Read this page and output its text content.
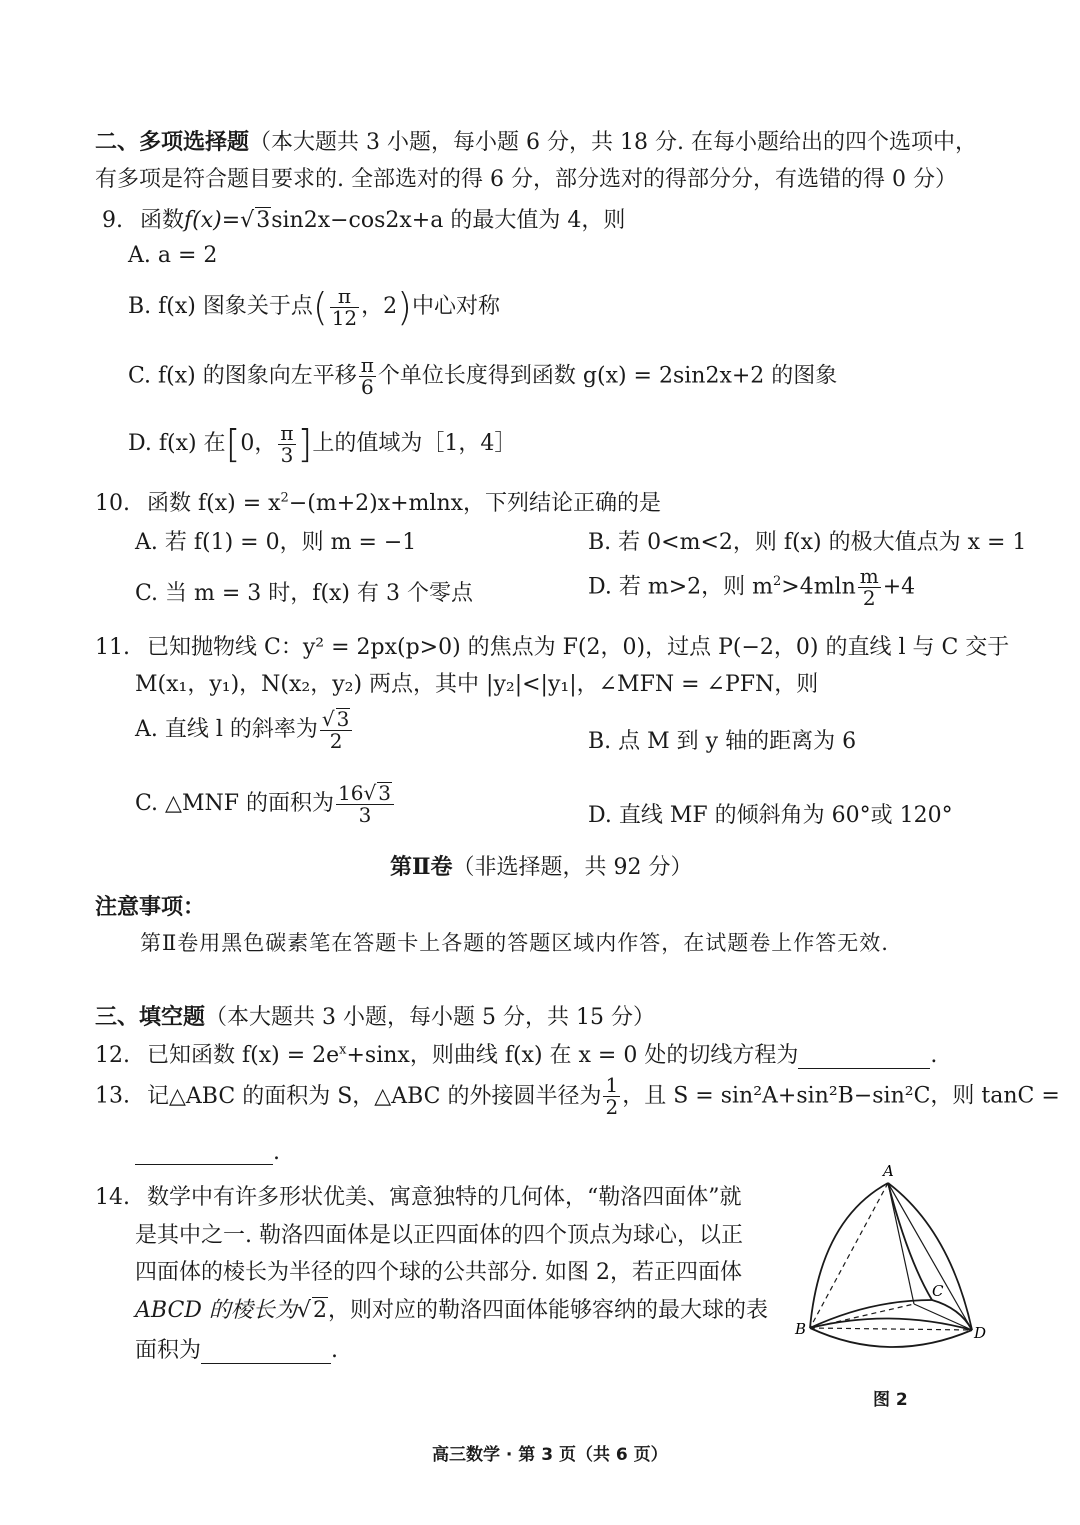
二、多项选择题（本大题共 3 小题，每小题 6 分，共 18 分. 在每小题给出的四个选项中，
有多项是符合题目要求的. 全部选对的得 6 分，部分选对的得部分分，有选错的得 0 分）
9. 函数f(x)=√3sin2x−cos2x+a 的最大值为 4，则
A. a = 2
B. f(x) 图象关于点( $\frac{\pi}{12}$ ，2)中心对称
C. f(x) 的图象向左平移 $\frac{\pi}{6}$ 个单位长度得到函数 g(x) = 2sin2x+2 的图象
D. f(x) 在[0， $\frac{\pi}{3}$ ]上的值域为［1，4］
10. 函数 $f(x) = x^2-(m+2)x+mlnx$，下列结论正确的是
A. 若 f(1) = 0，则 m = −1	B. 若 0<m<2，则 f(x) 的极大值点为 x = 1
C. 当 m = 3 时，f(x) 有 3 个零点	D. 若 m>2，则 $m^2>4mln \frac{m}{2} +4$
11. 已知抛物线 C：y² = 2px(p>0) 的焦点为 F(2，0)，过点 P(−2，0) 的直线 l 与 C 交于
M(x₁，y₁)，N(x₂，y₂) 两点，其中 |y₂|<|y₁|，∠MFN = ∠PFN，则
A. 直线 l 的斜率为 $\frac{√ 3}{2}$	B. 点 M 到 y 轴的距离为 6
C. △MNF 的面积为 $\frac{16√ 3}{3}$	D. 直线 MF 的倾斜角为 60°或 120°
第Ⅱ卷（非选择题，共 92 分）
注意事项：
第Ⅱ卷用黑色碳素笔在答题卡上各题的答题区域内作答，在试题卷上作答无效.
三、填空题（本大题共 3 小题，每小题 5 分，共 15 分）
12. 已知函数 $f(x) = 2e^x+\sin x$，则曲线 f(x) 在 x = 0 处的切线方程为	.
13. 记△ABC 的面积为 S，△ABC 的外接圆半径为 $\frac{1}{2}$ ，且 S = sin²A+sin²B−sin²C，则 tanC =
.
14. 数学中有许多形状优美、寓意独特的几何体，“勒洛四面体”就
是其中之一. 勒洛四面体是以正四面体的四个顶点为球心，以正
四面体的棱长为半径的四个球的公共部分. 如图 2，若正四面体
ABCD 的棱长为√2，则对应的勒洛四面体能够容纳的最大球的表
面积为	.
A
B
C
D
图 2
高三数学 · 第 3 页（共 6 页）
